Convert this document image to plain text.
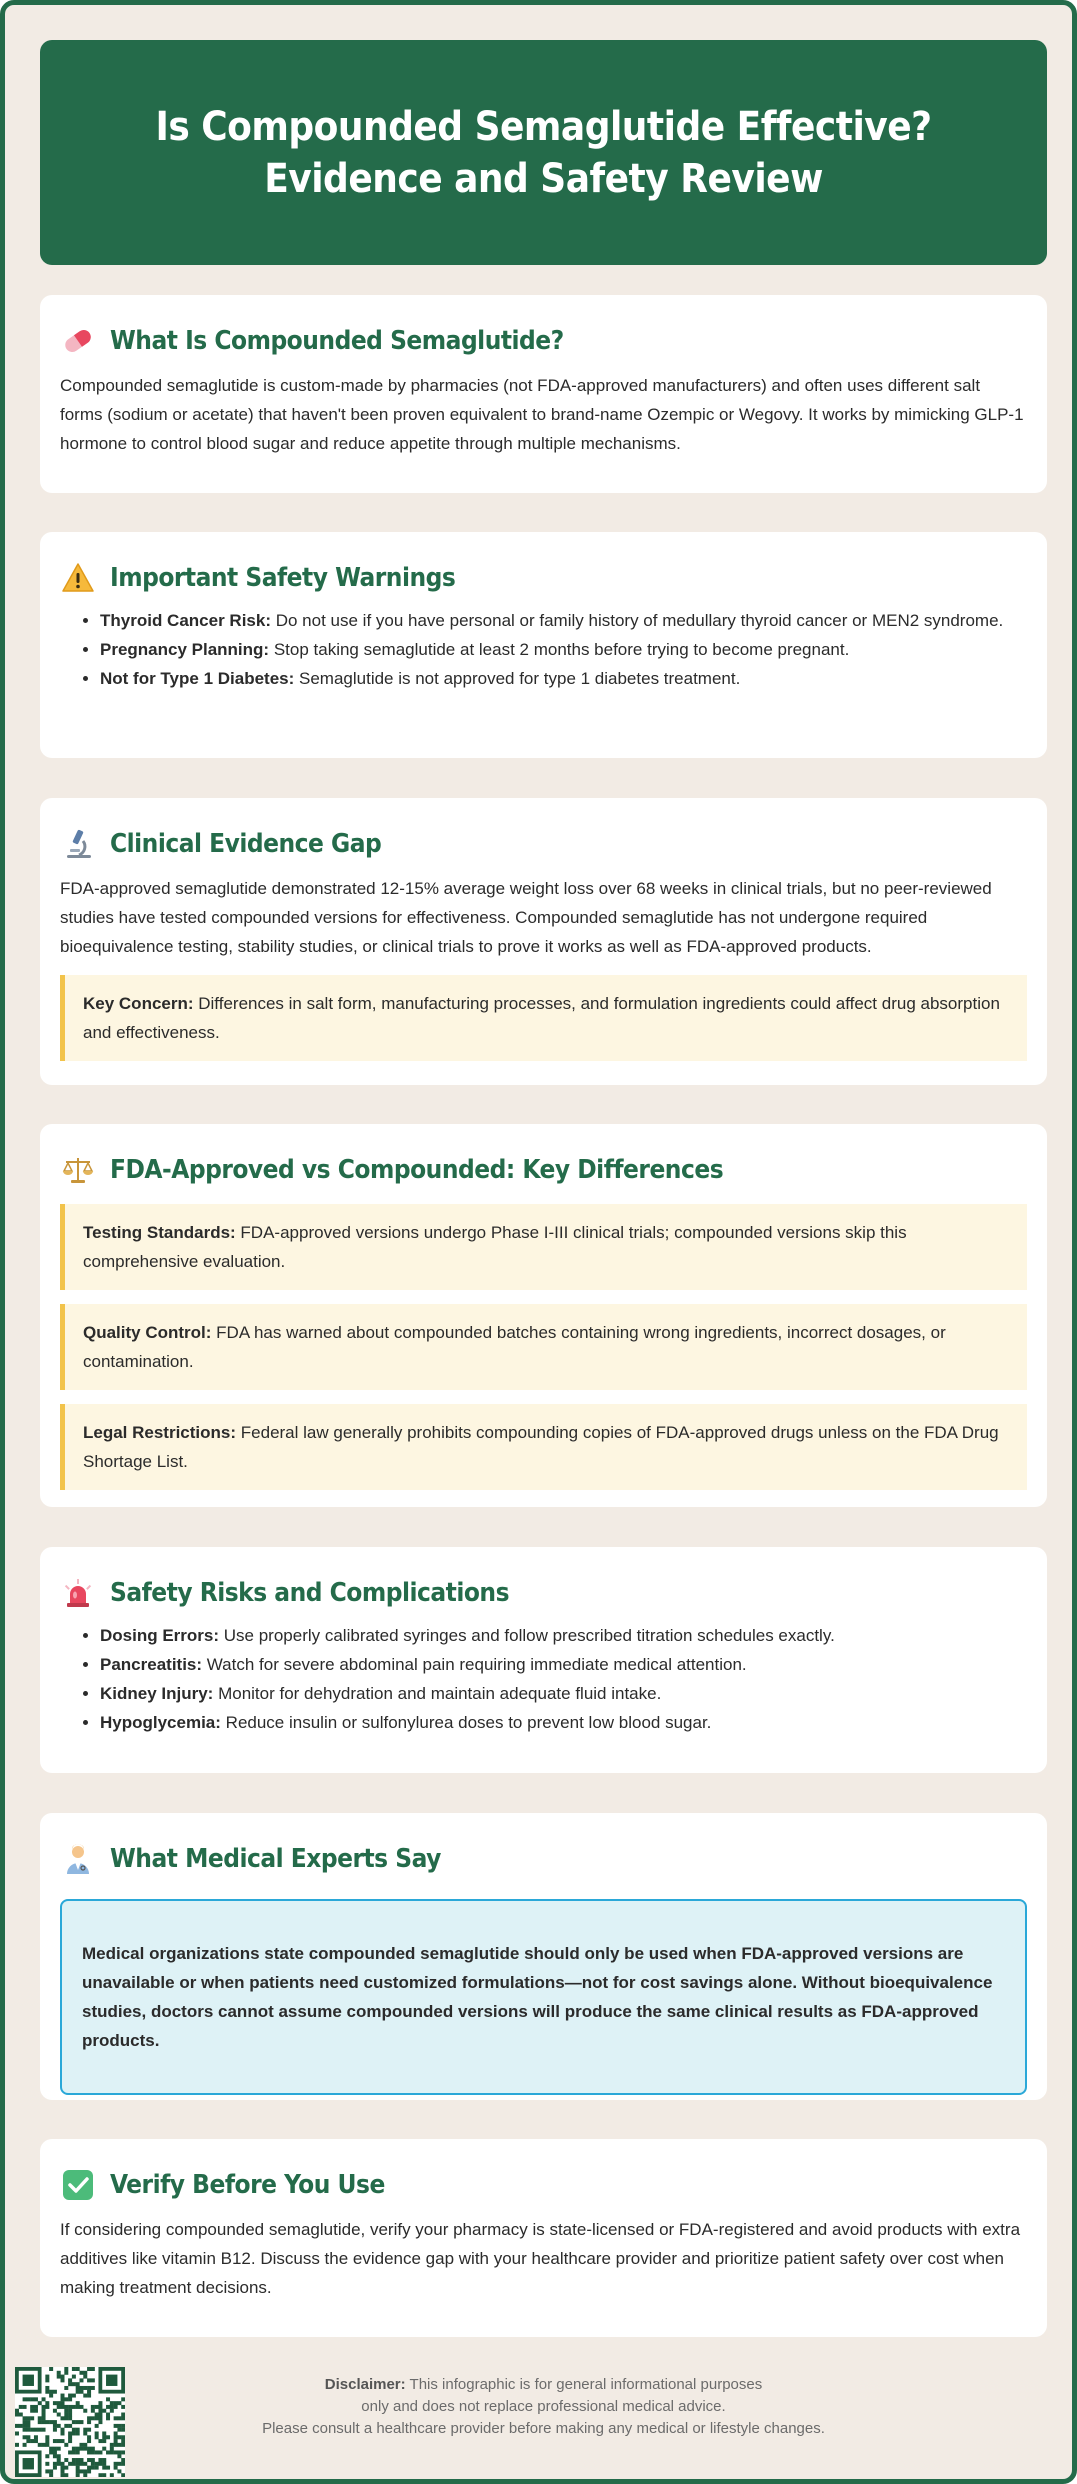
Is Compounded Semaglutide Effective? Evidence and Safety Review
What Is Compounded Semaglutide?

Compounded semaglutide is custom-made by pharmacies (not FDA-approved manufacturers) and often uses different salt forms (sodium or acetate) that haven't been proven equivalent to brand-name Ozempic or Wegovy. It works by mimicking GLP-1 hormone to control blood sugar and reduce appetite through multiple mechanisms.

Important Safety Warnings
• Thyroid Cancer Risk: Do not use if you have personal or family history of medullary thyroid cancer or MEN2 syndrome.
• Pregnancy Planning: Stop taking semaglutide at least 2 months before trying to become pregnant.
• Not for Type 1 Diabetes: Semaglutide is not approved for type 1 diabetes treatment.
Clinical Evidence Gap

FDA-approved semaglutide demonstrated 12-15% average weight loss over 68 weeks in clinical trials, but no peer-reviewed studies have tested compounded versions for effectiveness. Compounded semaglutide has not undergone required bioequivalence testing, stability studies, or clinical trials to prove it works as well as FDA-approved products.

Key Concern: Differences in salt form, manufacturing processes, and formulation ingredients could affect drug absorption and effectiveness.
FDA-Approved vs Compounded: Key Differences
Testing Standards: FDA-approved versions undergo Phase I-III clinical trials; compounded versions skip this comprehensive evaluation.
Quality Control: FDA has warned about compounded batches containing wrong ingredients, incorrect dosages, or contamination.
Legal Restrictions: Federal law generally prohibits compounding copies of FDA-approved drugs unless on the FDA Drug Shortage List.
Safety Risks and Complications
• Dosing Errors: Use properly calibrated syringes and follow prescribed titration schedules exactly.
• Pancreatitis: Watch for severe abdominal pain requiring immediate medical attention.
• Kidney Injury: Monitor for dehydration and maintain adequate fluid intake.
• Hypoglycemia: Reduce insulin or sulfonylurea doses to prevent low blood sugar.
What Medical Experts Say
Medical organizations state compounded semaglutide should only be used when FDA-approved versions are unavailable or when patients need customized formulations—not for cost savings alone. Without bioequivalence studies, doctors cannot assume compounded versions will produce the same clinical results as FDA-approved products.
Verify Before You Use

If considering compounded semaglutide, verify your pharmacy is state-licensed or FDA-registered and avoid products with extra additives like vitamin B12. Discuss the evidence gap with your healthcare provider and prioritize patient safety over cost when making treatment decisions.

Disclaimer: This infographic is for general informational purposes
only and does not replace professional medical advice.
Please consult a healthcare provider before making any medical or lifestyle changes.
